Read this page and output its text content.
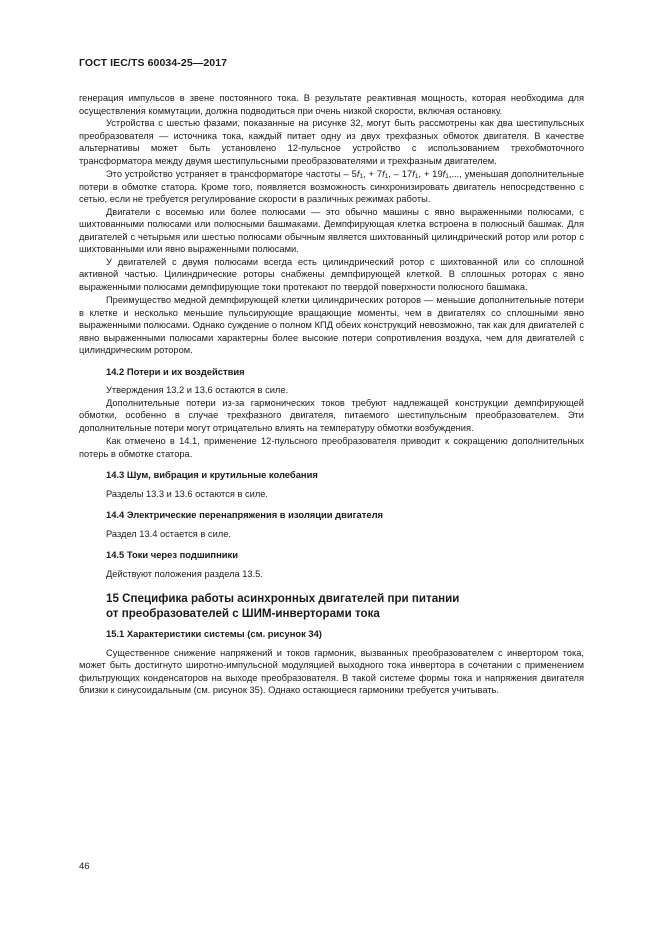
ГОСТ IEC/TS 60034-25—2017

генерация импульсов в звене постоянного тока. В результате реактивная мощность, которая необходима для осуществления коммутации, должна подводиться при очень низкой скорости, включая остановку.

Устройства с шестью фазами, показанные на рисунке 32, могут быть рассмотрены как два шестипульсных преобразователя — источника тока, каждый питает одну из двух трехфазных обмоток двигателя. В качестве альтернативы может быть установлено 12-пульсное устройство с использованием трехобмоточного трансформатора между двумя шестипульсными преобразователями и трехфазным двигателем.

Это устройство устраняет в трансформаторе частоты – $5f_1$, + $7f_1$, – $17f_1$, + $19f_1$,..., уменьшая дополнительные потери в обмотке статора. Кроме того, появляется возможность синхронизировать двигатель непосредственно с сетью, если не требуется регулирование скорости в различных режимах работы.

Двигатели с восемью или более полюсами — это обычно машины с явно выраженными полюсами, с шихтованными полюсами или полюсными башмаками. Демпфирующая клетка встроена в полюсный башмак. Для двигателей с четырьмя или шестью полюсами обычным является шихтованный цилиндрический ротор или ротор с шихтованными или явно выраженными полюсами.

У двигателей с двумя полюсами всегда есть цилиндрический ротор с шихтованной или со сплошной активной частью. Цилиндрические роторы снабжены демпфирующей клеткой. В сплошных роторах с явно выраженными полюсами демпфирующие токи протекают по твердой поверхности полюсного башмака.

Преимущество медной демпфирующей клетки цилиндрических роторов — меньшие дополнительные потери в клетке и несколько меньшие пульсирующие вращающие моменты, чем в двигателях со сплошными явно выраженными полюсами. Однако суждение о полном КПД обеих конструкций невозможно, так как для двигателей с явно выраженными полюсами характерны более высокие потери сопротивления воздуха, чем для двигателей с цилиндрическим ротором.

14.2 Потери и их воздействия

Утверждения 13.2 и 13.6 остаются в силе.

Дополнительные потери из-за гармонических токов требуют надлежащей конструкции демпфирующей обмотки, особенно в случае трехфазного двигателя, питаемого шестипульсным преобразователем. Эти дополнительные потери могут отрицательно влиять на температуру обмотки возбуждения.

Как отмечено в 14.1, применение 12-пульсного преобразователя приводит к сокращению дополнительных потерь в обмотке статора.

14.3 Шум, вибрация и крутильные колебания

Разделы 13.3 и 13.6 остаются в силе.

14.4 Электрические перенапряжения в изоляции двигателя

Раздел 13.4 остается в силе.

14.5 Токи через подшипники

Действуют положения раздела 13.5.

15 Специфика работы асинхронных двигателей при питании
от преобразователей с ШИМ-инверторами тока
15.1 Характеристики системы (см. рисунок 34)

Существенное снижение напряжений и токов гармоник, вызванных преобразователем с инвертором тока, может быть достигнуто широтно-импульсной модуляцией выходного тока инвертора в сочетании с применением фильтрующих конденсаторов на выходе преобразователя. В такой системе формы тока и напряжения двигателя близки к синусоидальным (см. рисунок 35). Однако остающиеся гармоники требуется учитывать.

46
